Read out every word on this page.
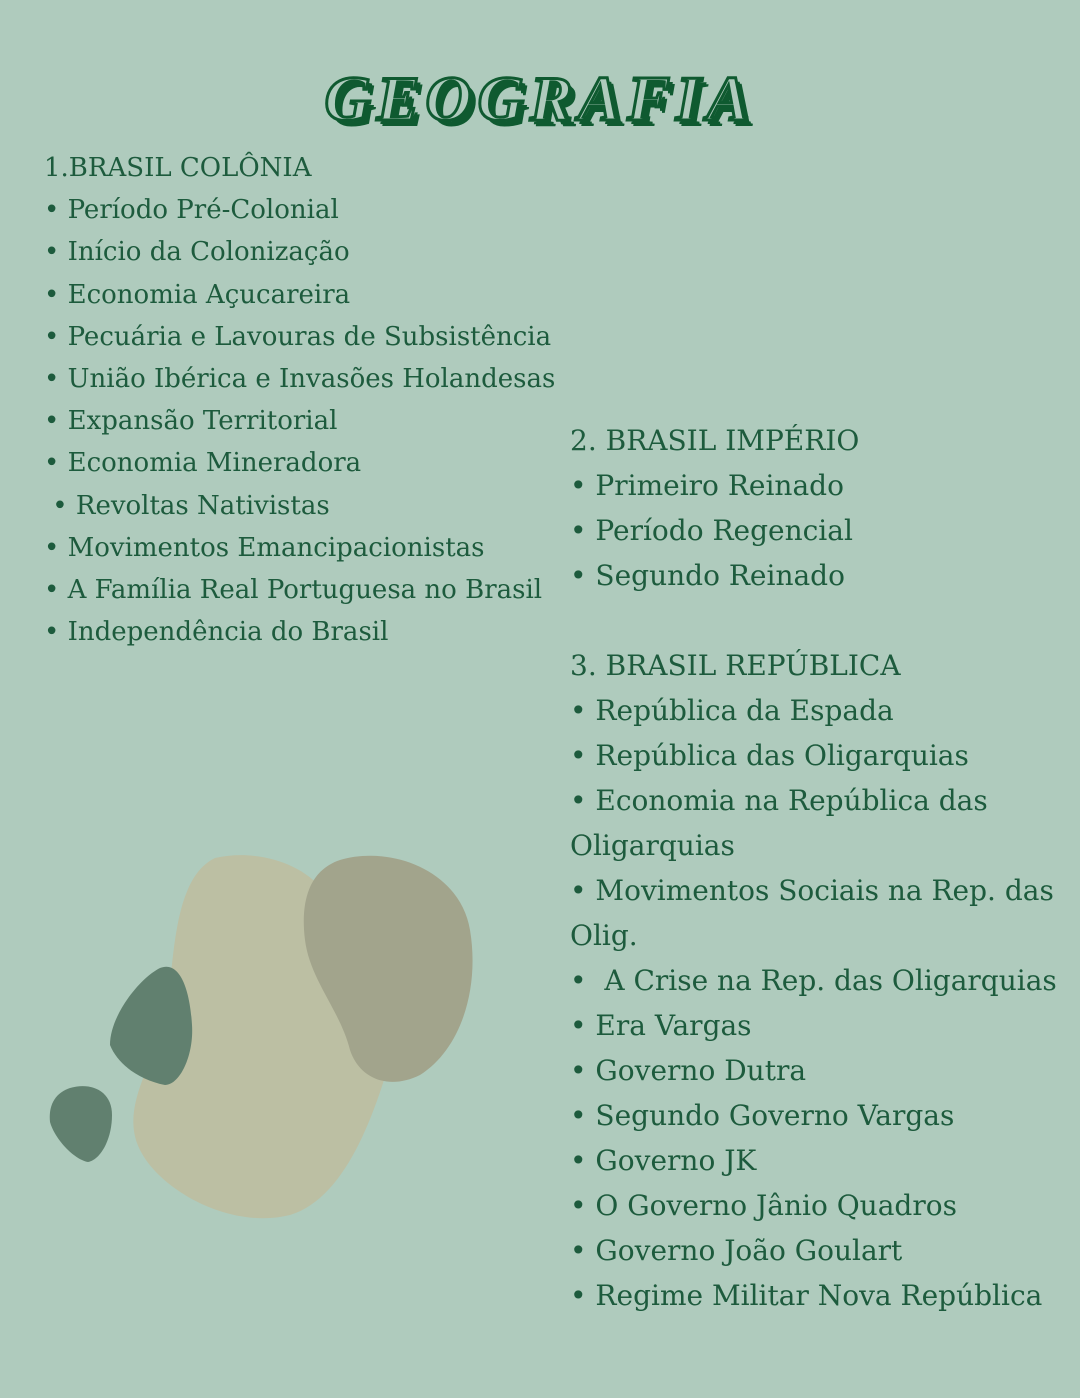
GEOGRAFIA
1.BRASIL COLÔNIA
• Período Pré-Colonial
• Início da Colonização
• Economia Açucareira
• Pecuária e Lavouras de Subsistência
• União Ibérica e Invasões Holandesas
• Expansão Territorial
• Economia Mineradora
• Revoltas Nativistas
• Movimentos Emancipacionistas
• A Família Real Portuguesa no Brasil
• Independência do Brasil
2. BRASIL IMPÉRIO
• Primeiro Reinado
• Período Regencial
• Segundo Reinado
3. BRASIL REPÚBLICA
• República da Espada
• República das Oligarquias
• Economia na República das Oligarquias
• Movimentos Sociais na Rep. das Olig.
•  A Crise na Rep. das Oligarquias
• Era Vargas
• Governo Dutra
• Segundo Governo Vargas
• Governo JK
• O Governo Jânio Quadros
• Governo João Goulart
• Regime Militar Nova República
